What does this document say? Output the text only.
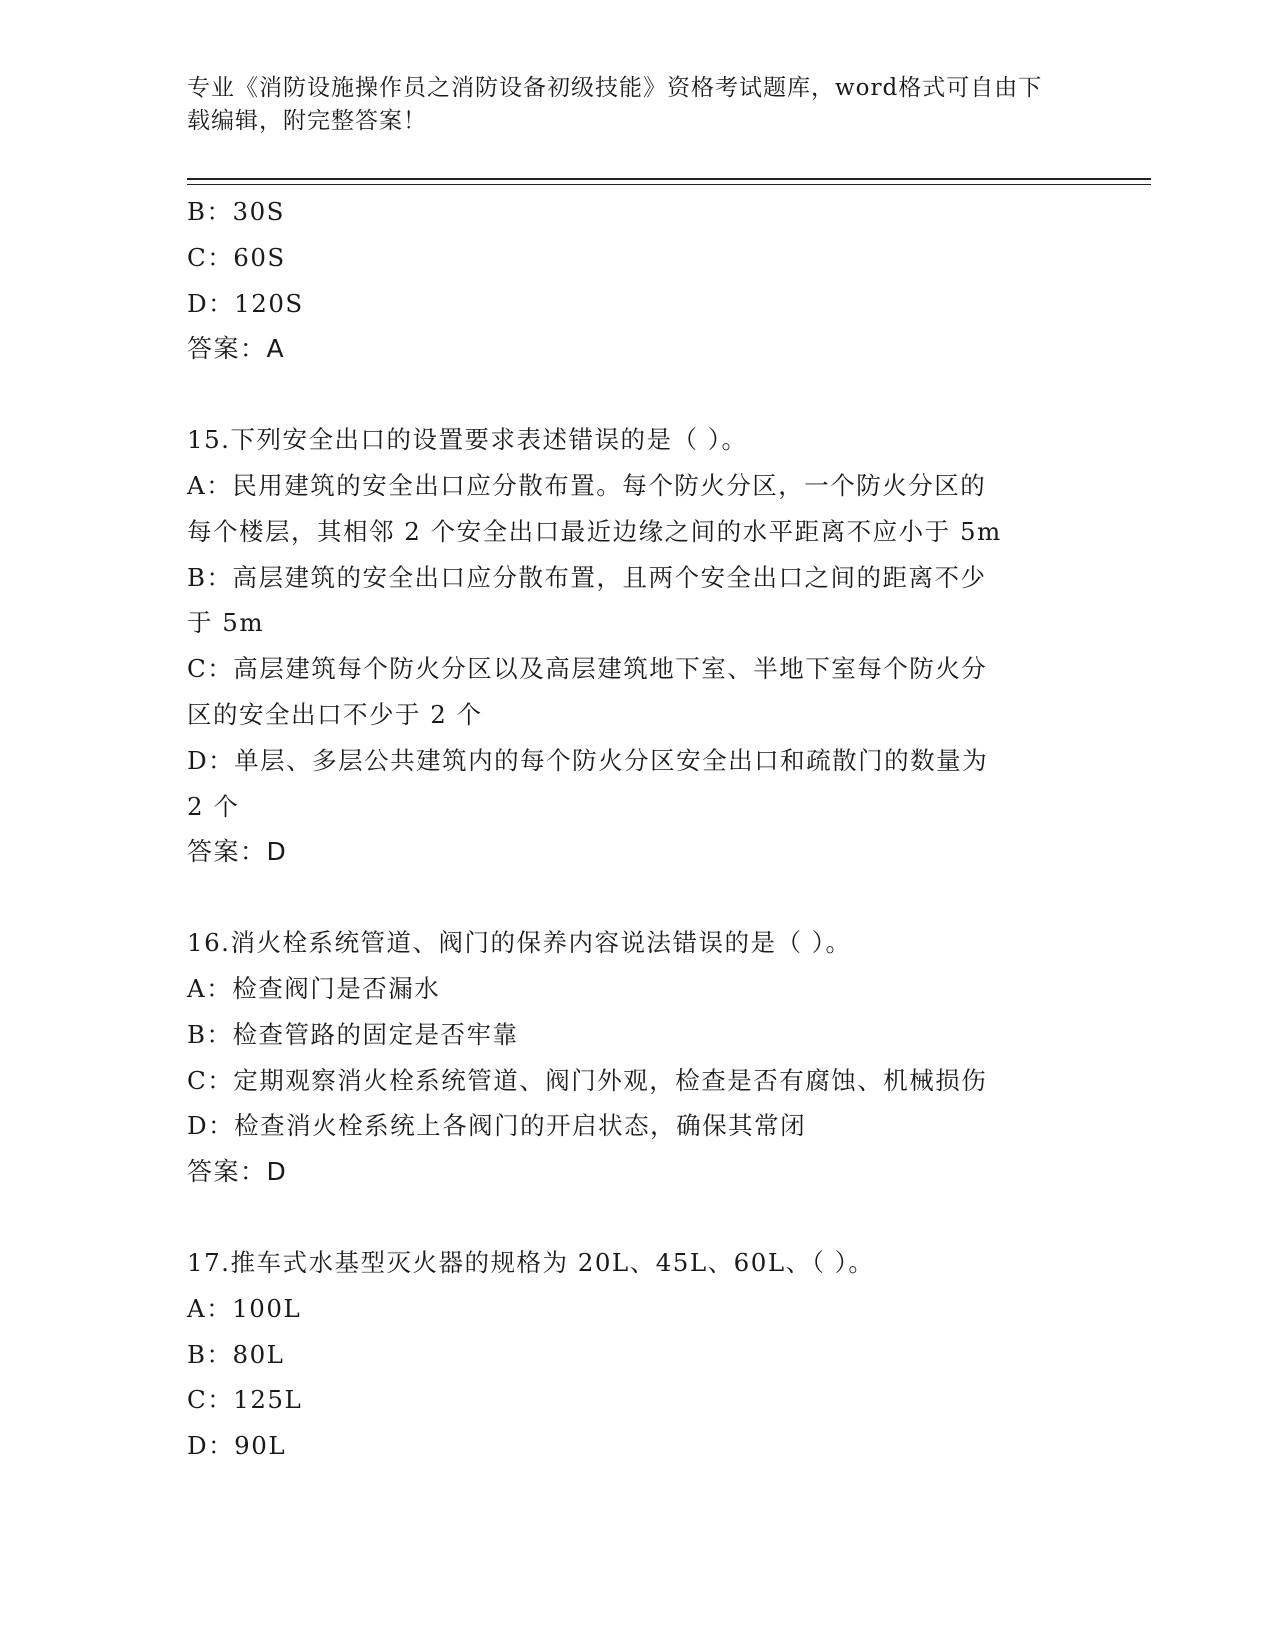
专业《消防设施操作员之消防设备初级技能》资格考试题库，word格式可自由下
载编辑，附完整答案！
B：30S
C：60S
D：120S
答案：A
15.下列安全出口的设置要求表述错误的是（ ）。
A：民用建筑的安全出口应分散布置。每个防火分区，一个防火分区的
每个楼层，其相邻 2 个安全出口最近边缘之间的水平距离不应小于 5m
B：高层建筑的安全出口应分散布置，且两个安全出口之间的距离不少
于 5m
C：高层建筑每个防火分区以及高层建筑地下室、半地下室每个防火分
区的安全出口不少于 2 个
D：单层、多层公共建筑内的每个防火分区安全出口和疏散门的数量为
2 个
答案：D
16.消火栓系统管道、阀门的保养内容说法错误的是（ ）。
A：检查阀门是否漏水
B：检查管路的固定是否牢靠
C：定期观察消火栓系统管道、阀门外观，检查是否有腐蚀、机械损伤
D：检查消火栓系统上各阀门的开启状态，确保其常闭
答案：D
17.推车式水基型灭火器的规格为 20L、45L、60L、（ ）。
A：100L
B：80L
C：125L
D：90L
